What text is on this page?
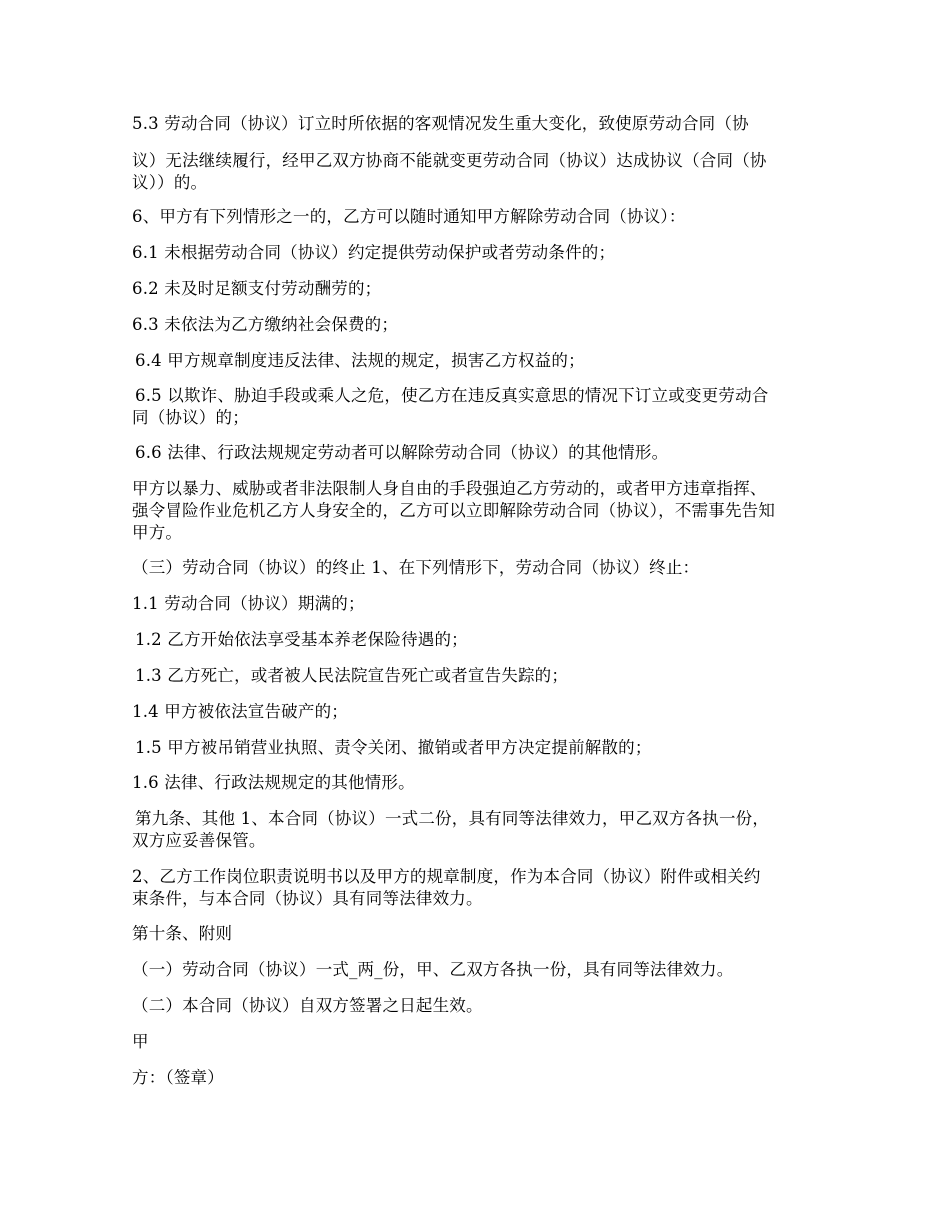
5.3 劳动合同（协议）订立时所依据的客观情况发生重大变化，致使原劳动合同（协
议）无法继续履行，经甲乙双方协商不能就变更劳动合同（协议）达成协议（合同（协
议））的。
6、甲方有下列情形之一的，乙方可以随时通知甲方解除劳动合同（协议）：
6.1 未根据劳动合同（协议）约定提供劳动保护或者劳动条件的；
6.2 未及时足额支付劳动酬劳的；
6.3 未依法为乙方缴纳社会保费的；
6.4 甲方规章制度违反法律、法规的规定，损害乙方权益的；
6.5 以欺诈、胁迫手段或乘人之危，使乙方在违反真实意思的情况下订立或变更劳动合
同（协议）的；
6.6 法律、行政法规规定劳动者可以解除劳动合同（协议）的其他情形。
甲方以暴力、威胁或者非法限制人身自由的手段强迫乙方劳动的，或者甲方违章指挥、
强令冒险作业危机乙方人身安全的，乙方可以立即解除劳动合同（协议），不需事先告知
甲方。
（三）劳动合同（协议）的终止 1、在下列情形下，劳动合同（协议）终止：
1.1 劳动合同（协议）期满的；
1.2 乙方开始依法享受基本养老保险待遇的；
1.3 乙方死亡，或者被人民法院宣告死亡或者宣告失踪的；
1.4 甲方被依法宣告破产的；
1.5 甲方被吊销营业执照、责令关闭、撤销或者甲方决定提前解散的；
1.6 法律、行政法规规定的其他情形。
第九条、其他 1、本合同（协议）一式二份，具有同等法律效力，甲乙双方各执一份，
双方应妥善保管。
2、乙方工作岗位职责说明书以及甲方的规章制度，作为本合同（协议）附件或相关约
束条件，与本合同（协议）具有同等法律效力。
第十条、附则
（一）劳动合同（协议）一式_两_份，甲、乙双方各执一份，具有同等法律效力。
（二）本合同（协议）自双方签署之日起生效。
甲
方：（签章）
